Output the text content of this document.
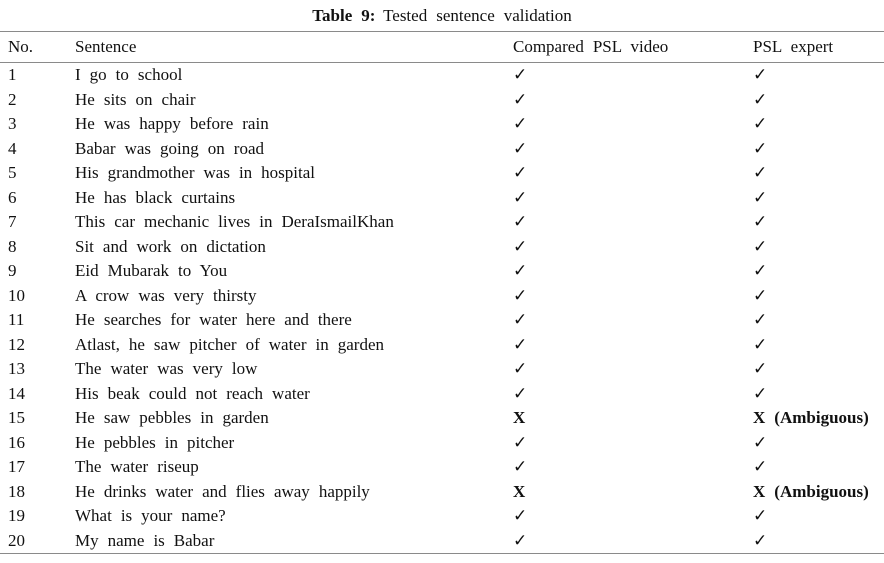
Table 9: Tested sentence validation
No.	Sentence	Compared PSL video	PSL expert
1	I go to school	✓	✓
2	He sits on chair	✓	✓
3	He was happy before rain	✓	✓
4	Babar was going on road	✓	✓
5	His grandmother was in hospital	✓	✓
6	He has black curtains	✓	✓
7	This car mechanic lives in DeraIsmailKhan	✓	✓
8	Sit and work on dictation	✓	✓
9	Eid Mubarak to You	✓	✓
10	A crow was very thirsty	✓	✓
11	He searches for water here and there	✓	✓
12	Atlast, he saw pitcher of water in garden	✓	✓
13	The water was very low	✓	✓
14	His beak could not reach water	✓	✓
15	He saw pebbles in garden	X	X (Ambiguous)
16	He pebbles in pitcher	✓	✓
17	The water riseup	✓	✓
18	He drinks water and flies away happily	X	X (Ambiguous)
19	What is your name?	✓	✓
20	My name is Babar	✓	✓
